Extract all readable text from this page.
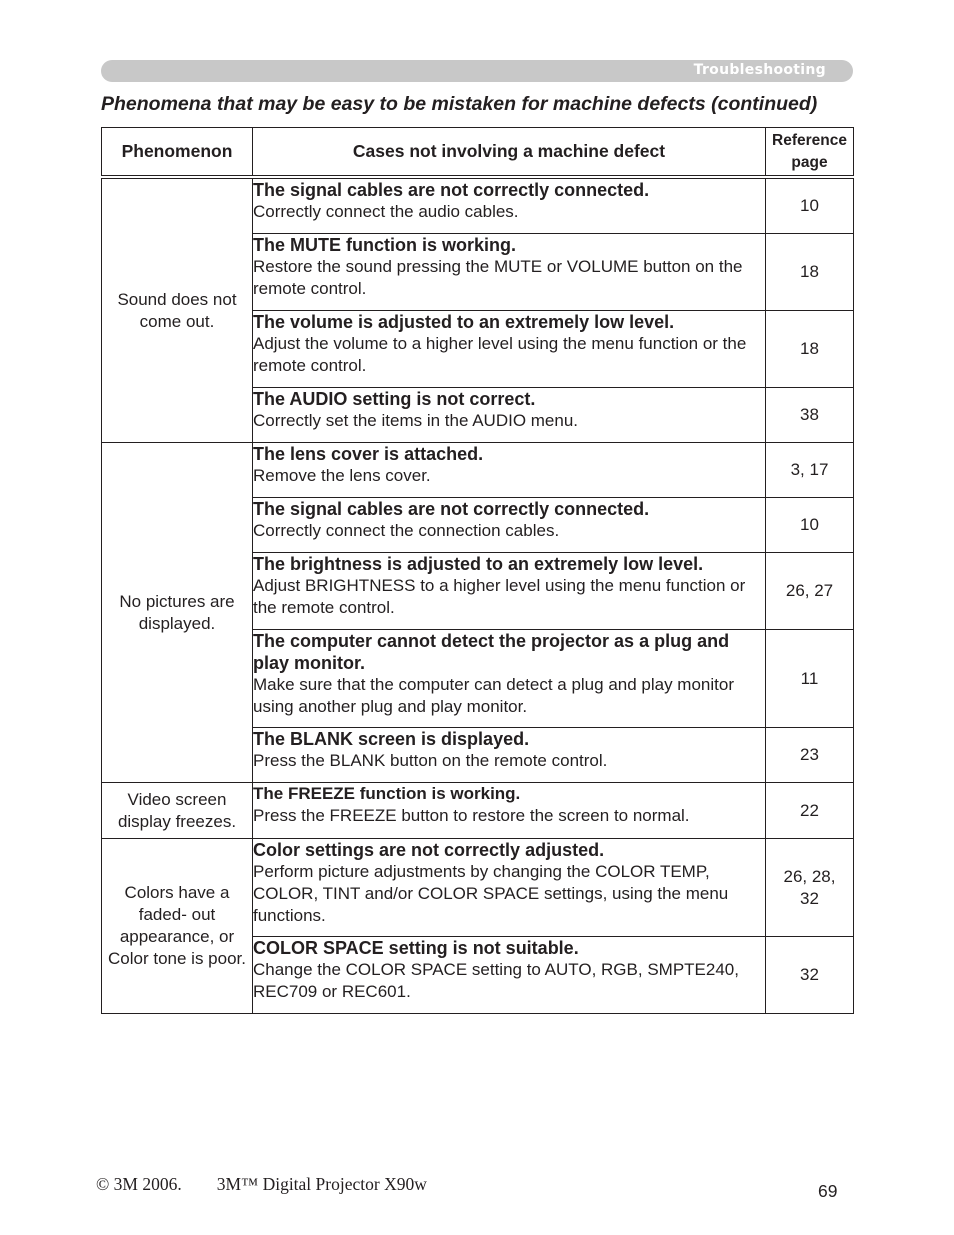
Troubleshooting
Phenomena that may be easy to be mistaken for machine defects (continued)
Phenomenon	Cases not involving a machine defect	Reference
page

Sound does not come out.	The signal cables are not correctly connected.
Correctly connect the audio cables.	10

	The MUTE function is working.
Restore the sound pressing the MUTE or VOLUME button on the remote control.	18

	The volume is adjusted to an extremely low level.
Adjust the volume to a higher level using the menu function or the remote control.	18

	The AUDIO setting is not correct.
Correctly set the items in the AUDIO menu.	38
No pictures are displayed.	The lens cover is attached.
Remove the lens cover.	3, 17

	The signal cables are not correctly connected.
Correctly connect the connection cables.	10

	The brightness is adjusted to an extremely low level.
Adjust BRIGHTNESS to a higher level using the menu function or the remote control.	26, 27

	The computer cannot detect the projector as a plug and play monitor.
Make sure that the computer can detect a plug and play monitor using another plug and play monitor.	11

	The BLANK screen is displayed.
Press the BLANK button on the remote control.	23
Video screen display freezes.	The FREEZE function is working.
Press the FREEZE button to restore the screen to normal.	22
Colors have a faded- out appearance, or Color tone is poor.	Color settings are not correctly adjusted.
Perform picture adjustments by changing the COLOR TEMP, COLOR, TINT and/or COLOR SPACE settings, using the menu functions.	26, 28, 32

	COLOR SPACE setting is not suitable.
Change the COLOR SPACE setting to AUTO, RGB, SMPTE240, REC709 or REC601.	32
© 3M 2006. 3M™ Digital Projector X90w	69
